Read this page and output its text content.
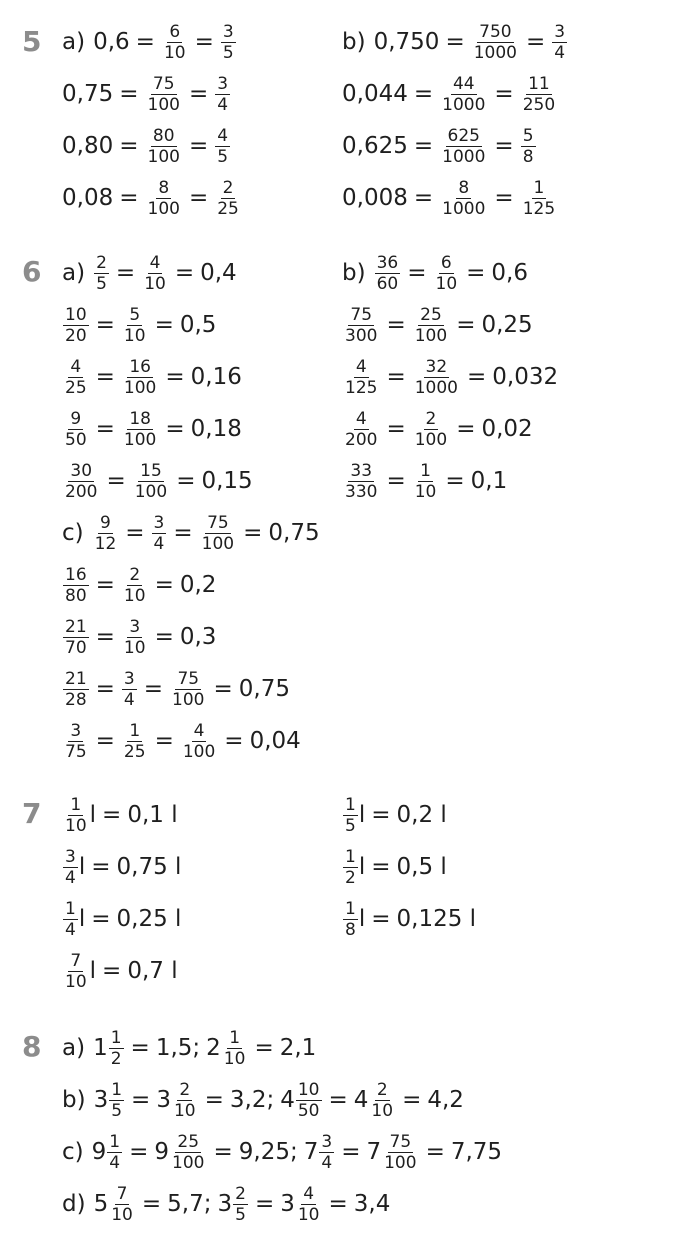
5 a) $0,6 = \frac{6}{10} = \frac{3}{5}$	b) $0,750 = \frac{750}{1000} = \frac{3}{4}$
$0,75 = \frac{75}{100} = \frac{3}{4}$	$0,044 = \frac{44}{1000} = \frac{11}{250}$
$0,80 = \frac{80}{100} = \frac{4}{5}$	$0,625 = \frac{625}{1000} = \frac{5}{8}$
$0,08 = \frac{8}{100} = \frac{2}{25}$	$0,008 = \frac{8}{1000} = \frac{1}{125}$
6 $a) \frac{2}{5} = \frac{4}{10} = 0,4$	$b) \frac{36}{60} = \frac{6}{10} = 0,6$
$\frac{10}{20} = \frac{5}{10} = 0,5$	$\frac{75}{300} = \frac{25}{100} = 0,25$
$\frac{4}{25} = \frac{16}{100} = 0,16$	$\frac{4}{125} = \frac{32}{1000} = 0,032$
$\frac{9}{50} = \frac{18}{100} = 0,18$	$\frac{4}{200} = \frac{2}{100} = 0,02$
$\frac{30}{200} = \frac{15}{100} = 0,15$	$\frac{33}{330} = \frac{1}{10} = 0,1$
$c) \frac{9}{12} = \frac{3}{4} = \frac{75}{100} = 0,75$
$\frac{16}{80} = \frac{2}{10} = 0,2$
$\frac{21}{70} = \frac{3}{10} = 0,3$
$\frac{21}{28} = \frac{3}{4} = \frac{75}{100} = 0,75$
$\frac{3}{75} = \frac{1}{25} = \frac{4}{100} = 0,04$
$7 \frac{1}{10}$ l = 0,1 l	$\frac{1}{5}$ l = 0,2 l
$\frac{3}{4}$ l = 0,75 l	$\frac{1}{2}$ l = 0,5 l
$\frac{1}{4}$ l = 0,25 l	$\frac{1}{8}$ l = 0,125 l
$\frac{7}{10}$ l = 0,7 l
8 a) $1 \frac{1}{2} = 1,5$; $2 \frac{1}{10} = 2,1$
b) $3 \frac{1}{5} = 3 \frac{2}{10} = 3,2$; $4 \frac{10}{50} = 4 \frac{2}{10} = 4,2$
c) $9 \frac{1}{4} = 9 \frac{25}{100} = 9,25$; $7 \frac{3}{4} = 7 \frac{75}{100} = 7,75$
d) $5 \frac{7}{10} = 5,7$; $3 \frac{2}{5} = 3 \frac{4}{10} = 3,4$
